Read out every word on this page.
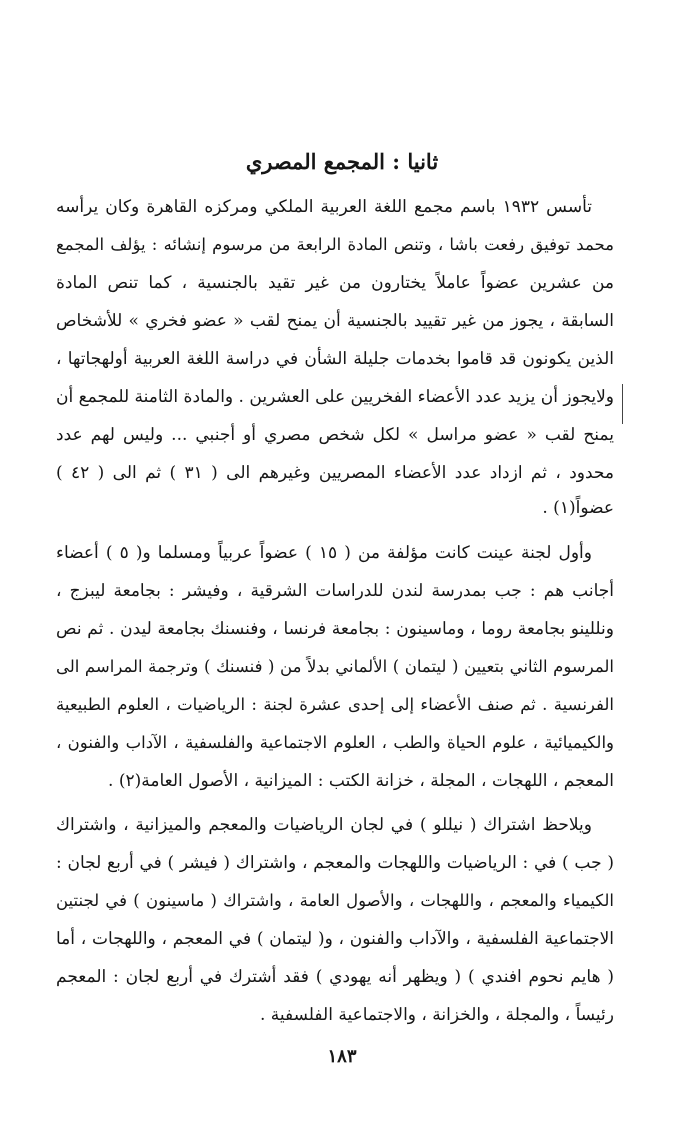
ثانيا : المجمع المصري
تأسس ١٩٣٢ باسم مجمع اللغة العربية الملكي ومركزه القاهرة وكان يرأسه
محمد توفيق رفعت باشا ، وتنص المادة الرابعة من مرسوم إنشائه : يؤلف المجمع
من عشرين عضواً عاملاً يختارون من غير تقيد بالجنسية ، كما تنص المادة
السابقة ، يجوز من غير تقييد بالجنسية أن يمنح لقب « عضو فخري » للأشخاص
الذين يكونون قد قاموا بخدمات جليلة الشأن في دراسة اللغة العربية أولهجاتها ،
ولايجوز أن يزيد عدد الأعضاء الفخريين على العشرين . والمادة الثامنة للمجمع أن
يمنح لقب « عضو مراسل » لكل شخص مصري أو أجنبي ... وليس لهم عدد
محدود ، ثم ازداد عدد الأعضاء المصريين وغيرهم الى ( ٣١ ) ثم الى ( ٤٢ )
عضواً(١) .
وأول لجنة عينت كانت مؤلفة من ( ١٥ ) عضواً عربياً ومسلما و( ٥ ) أعضاء
أجانب هم : جب بمدرسة لندن للدراسات الشرقية ، وفيشر : بجامعة ليبزج ،
ونللينو بجامعة روما ، وماسينون : بجامعة فرنسا ، وفنسنك بجامعة ليدن . ثم نص
المرسوم الثاني بتعيين ( ليتمان ) الألماني بدلاً من ( فنسنك ) وترجمة المراسم الى
الفرنسية . ثم صنف الأعضاء إلى إحدى عشرة لجنة : الرياضيات ، العلوم الطبيعية
والكيميائية ، علوم الحياة والطب ، العلوم الاجتماعية والفلسفية ، الآداب والفنون ،
المعجم ، اللهجات ، المجلة ، خزانة الكتب : الميزانية ، الأصول العامة(٢) .
ويلاحظ اشتراك ( نيللو ) في لجان الرياضيات والمعجم والميزانية ، واشتراك
( جب ) في : الرياضيات واللهجات والمعجم ، واشتراك ( فيشر ) في أربع لجان :
الكيمياء والمعجم ، واللهجات ، والأصول العامة ، واشتراك ( ماسينون ) في لجنتين
الاجتماعية الفلسفية ، والآداب والفنون ، و( ليتمان ) في المعجم ، واللهجات ، أما
( هايم نحوم افندي ) ( ويظهر أنه يهودي ) فقد أشترك في أربع لجان : المعجم
رئيساً ، والمجلة ، والخزانة ، والاجتماعية الفلسفية .
١٨٣
